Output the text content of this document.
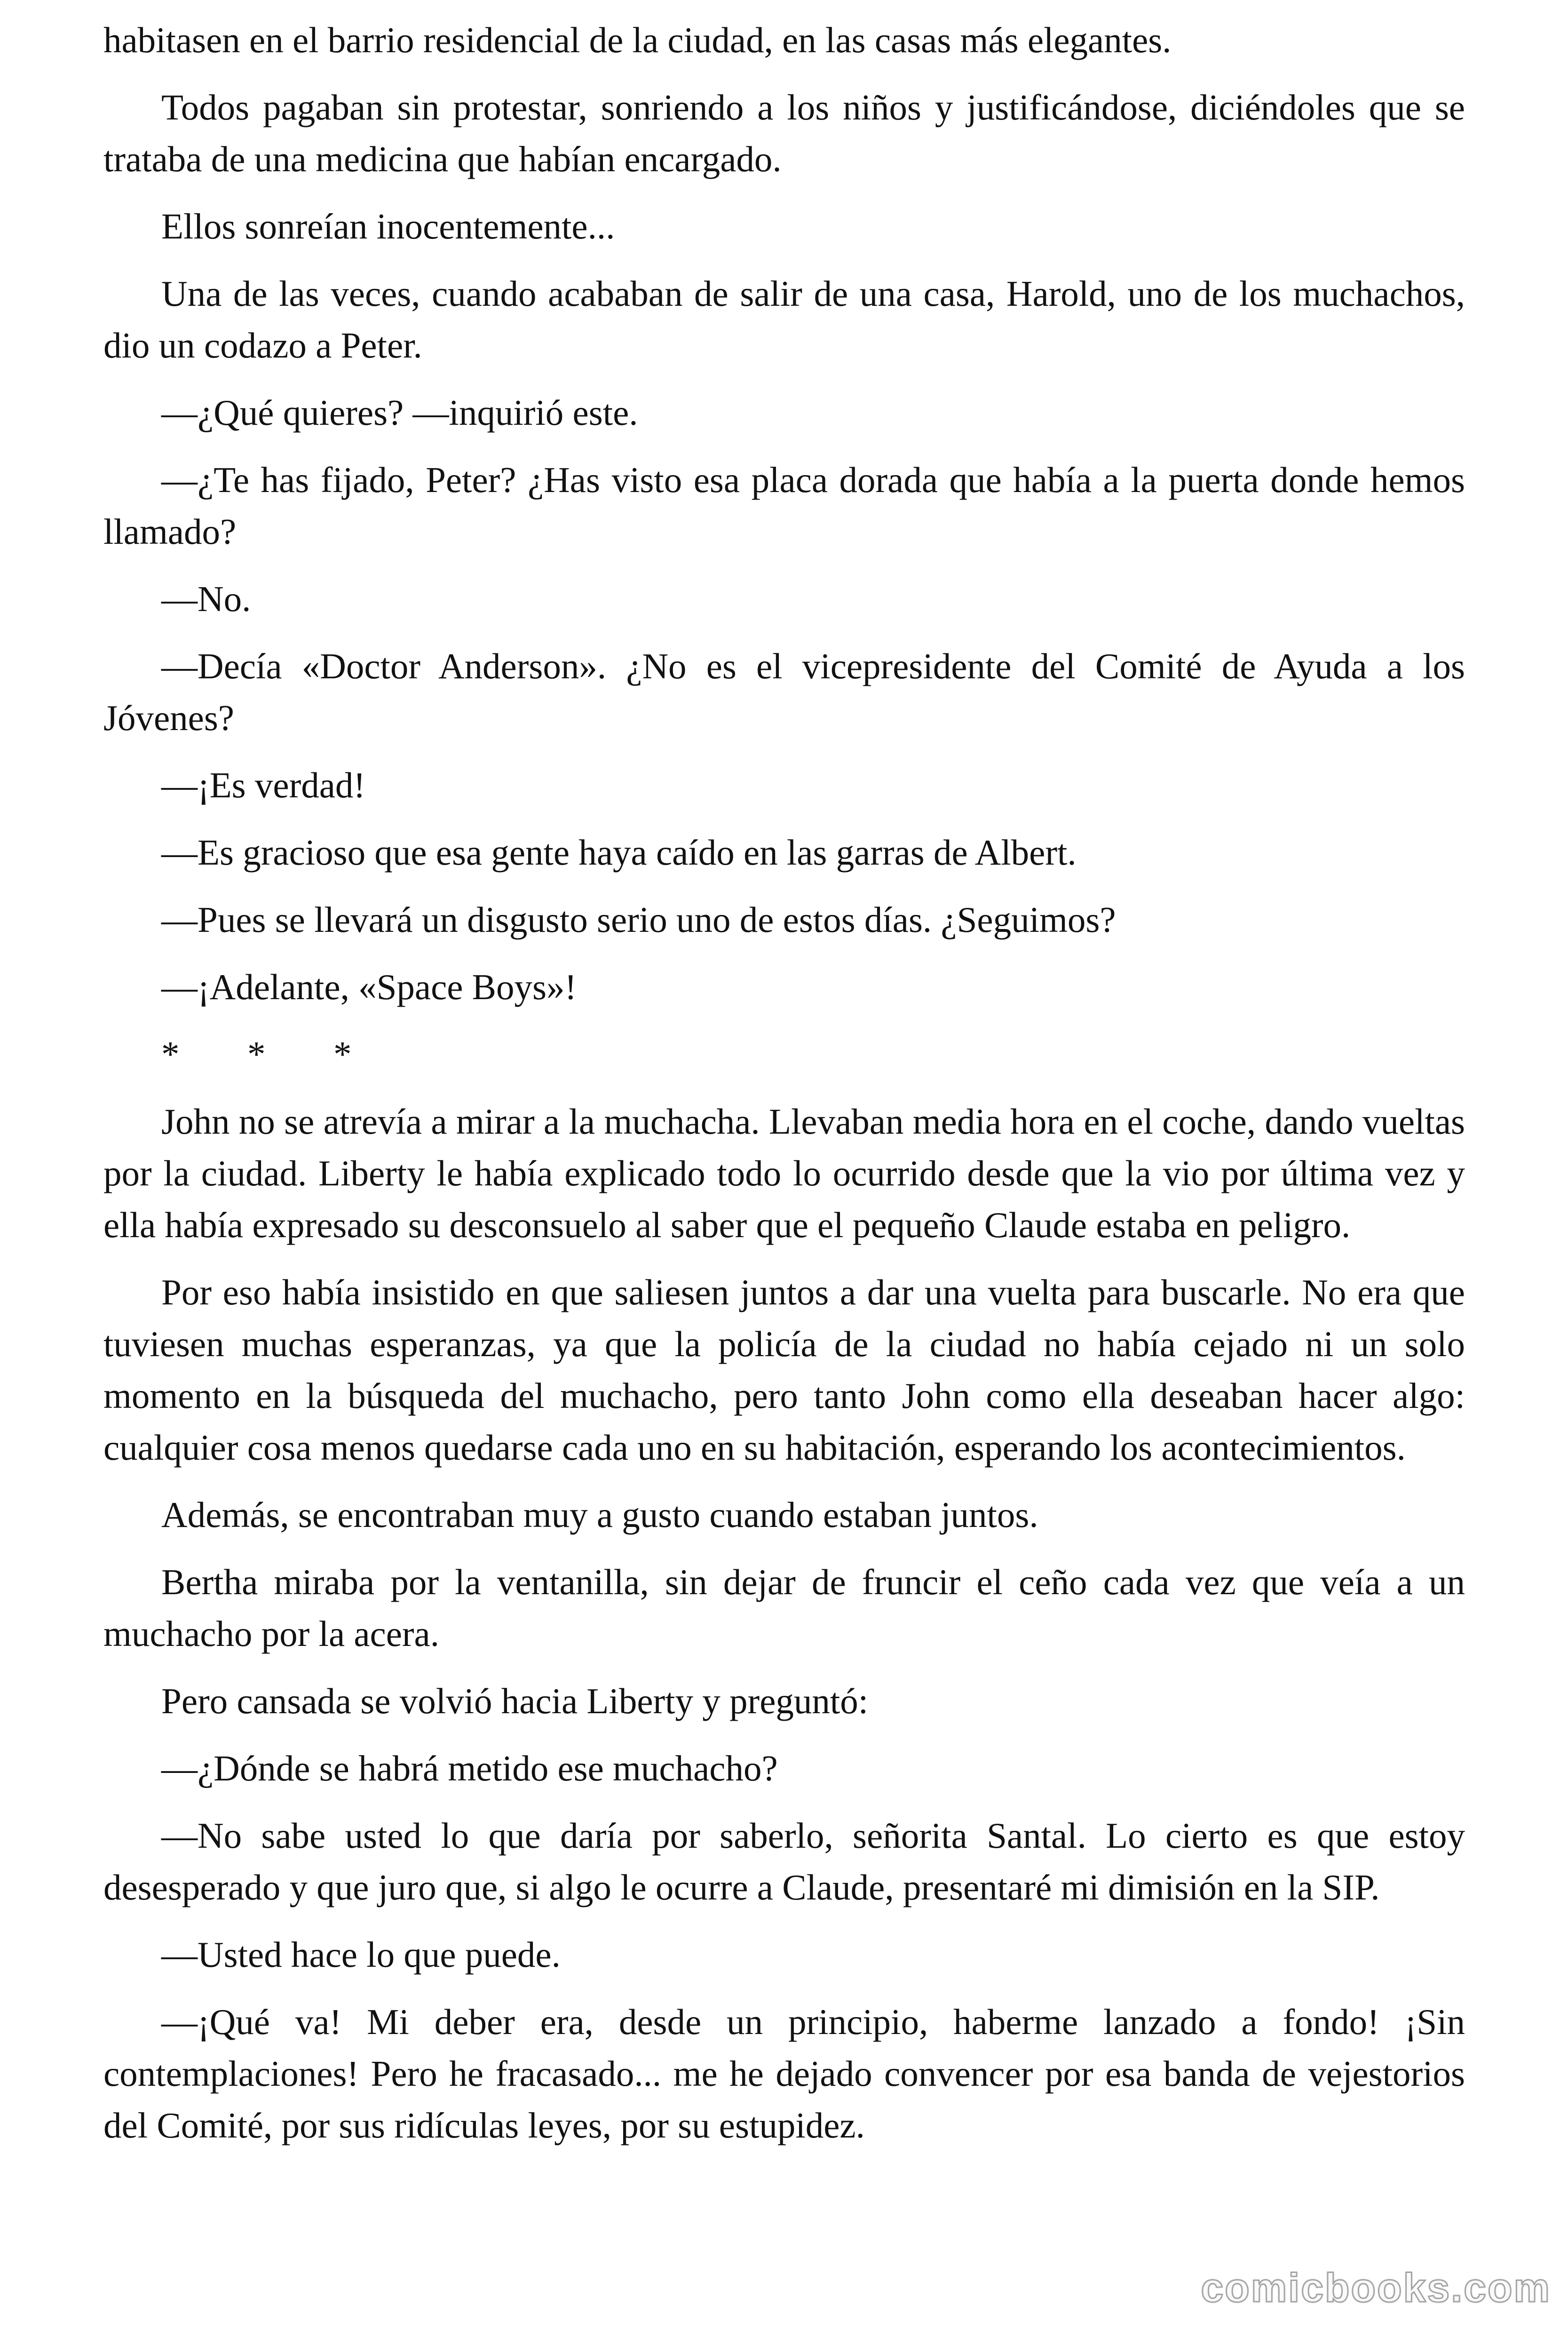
habitasen en el barrio residencial de la ciudad, en las casas más elegantes.

Todos pagaban sin protestar, sonriendo a los niños y justificándose, diciéndoles que se trataba de una medicina que habían encargado.

Ellos sonreían inocentemente...

Una de las veces, cuando acababan de salir de una casa, Harold, uno de los muchachos, dio un codazo a Peter.

—¿Qué quieres? —inquirió este.

—¿Te has fijado, Peter? ¿Has visto esa placa dorada que había a la puerta donde hemos llamado?

—No.

—Decía «Doctor Anderson». ¿No es el vicepresidente del Comité de Ayuda a los Jóvenes?

—¡Es verdad!

—Es gracioso que esa gente haya caído en las garras de Albert.

—Pues se llevará un disgusto serio uno de estos días. ¿Seguimos?

—¡Adelante, «Space Boys»!

* * *

John no se atrevía a mirar a la muchacha. Llevaban media hora en el coche, dando vueltas por la ciudad. Liberty le había explicado todo lo ocurrido desde que la vio por última vez y ella había expresado su desconsuelo al saber que el pequeño Claude estaba en peligro.

Por eso había insistido en que saliesen juntos a dar una vuelta para buscarle. No era que tuviesen muchas esperanzas, ya que la policía de la ciudad no había cejado ni un solo momento en la búsqueda del muchacho, pero tanto John como ella deseaban hacer algo: cualquier cosa menos quedarse cada uno en su habitación, esperando los acontecimientos.

Además, se encontraban muy a gusto cuando estaban juntos.

Bertha miraba por la ventanilla, sin dejar de fruncir el ceño cada vez que veía a un muchacho por la acera.

Pero cansada se volvió hacia Liberty y preguntó:

—¿Dónde se habrá metido ese muchacho?

—No sabe usted lo que daría por saberlo, señorita Santal. Lo cierto es que estoy desesperado y que juro que, si algo le ocurre a Claude, presentaré mi dimisión en la SIP.

—Usted hace lo que puede.

—¡Qué va! Mi deber era, desde un principio, haberme lanzado a fondo! ¡Sin contemplaciones! Pero he fracasado... me he dejado convencer por esa banda de vejestorios del Comité, por sus ridículas leyes, por su estupidez.

comicbooks.com
